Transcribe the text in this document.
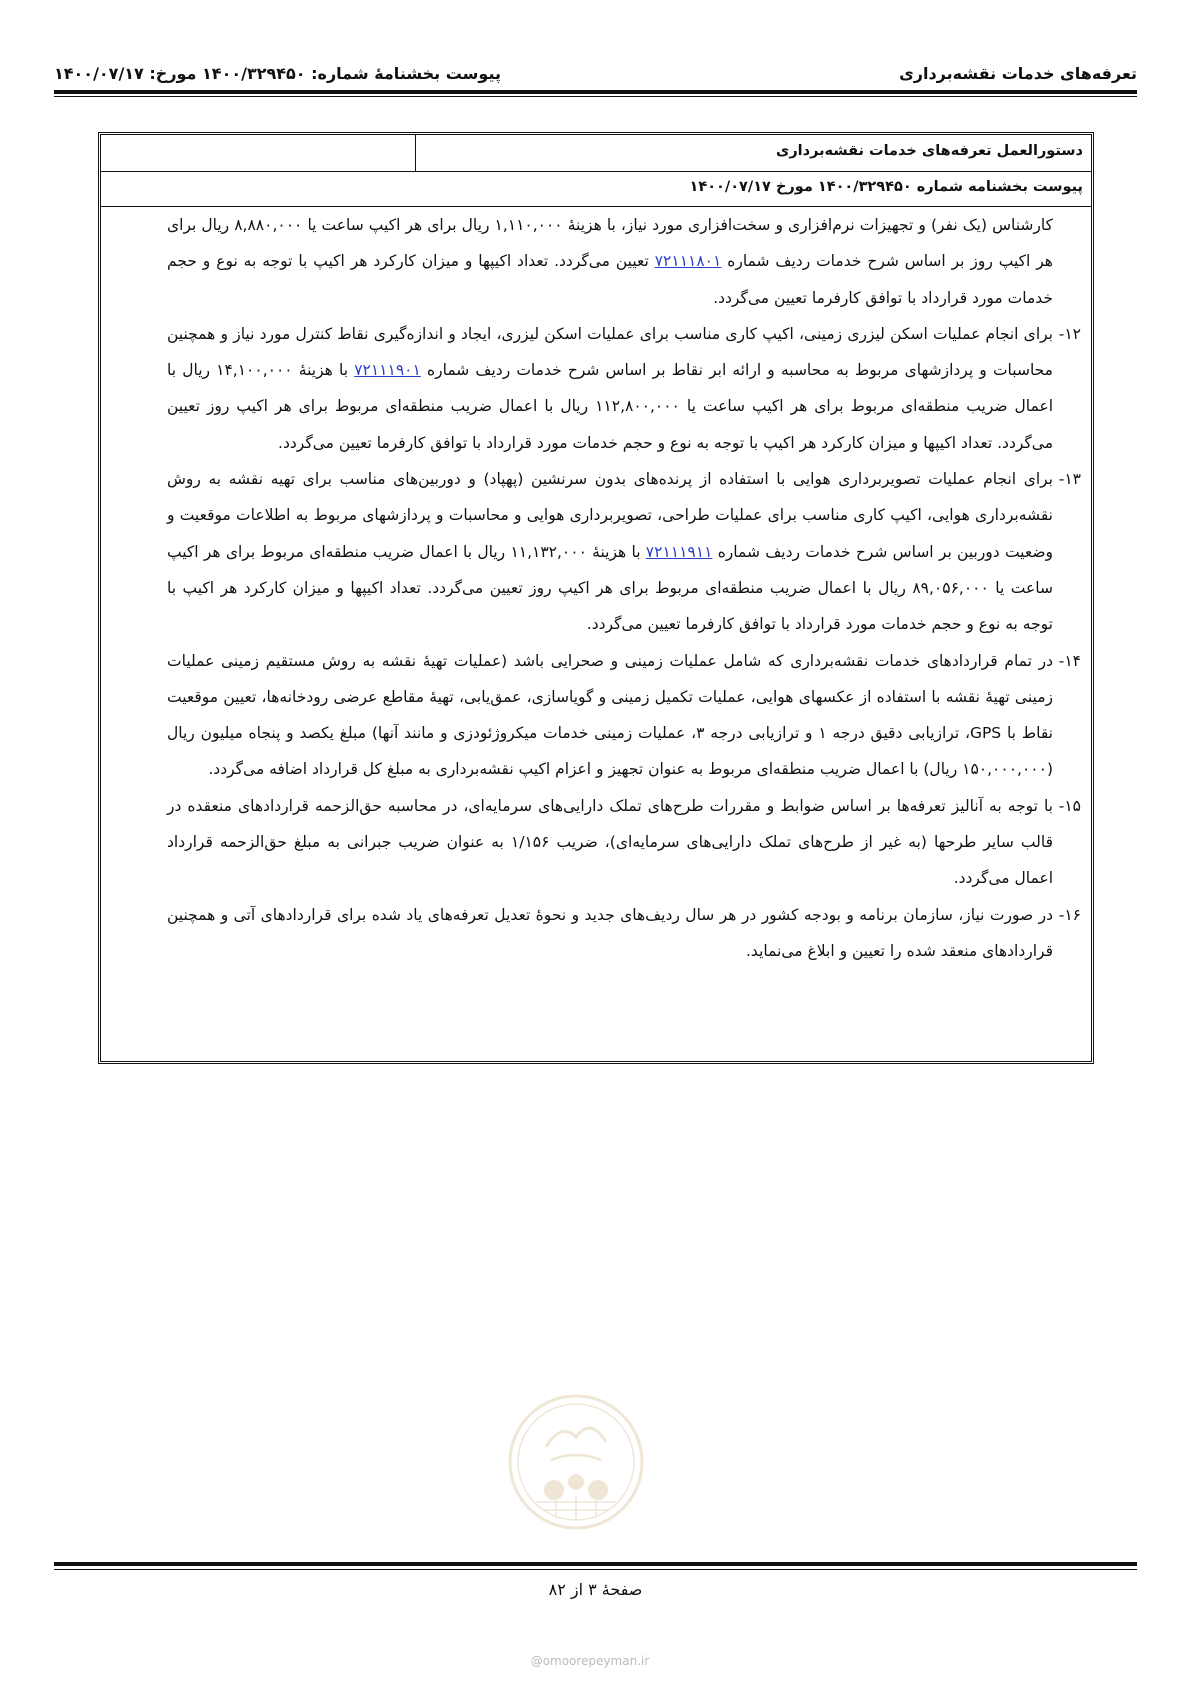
تعرفه‌های خدمات نقشه‌برداری
پیوست بخشنامهٔ شماره: ۱۴۰۰/۳۲۹۴۵۰ مورخ: ۱۴۰۰/۰۷/۱۷
دستورالعمل تعرفه‌های خدمات نقشه‌برداری
پیوست بخشنامه شماره ۱۴۰۰/۳۲۹۴۵۰ مورخ ۱۴۰۰/۰۷/۱۷

کارشناس (یک نفر) و تجهیزات نرم‌افزاری و سخت‌افزاری مورد نیاز، با هزینهٔ ۱,۱۱۰,۰۰۰ ریال برای هر اکیپ ساعت یا ۸,۸۸۰,۰۰۰ ریال برای هر اکیپ روز بر اساس شرح خدمات ردیف شماره ۷۲۱۱۱۸۰۱ تعیین می‌گردد. تعداد اکیپها و میزان کارکرد هر اکیپ با توجه به نوع و حجم خدمات مورد قرارداد با توافق کارفرما تعیین می‌گردد.

۱۲-

برای انجام عملیات اسکن لیزری زمینی، اکیپ کاری مناسب برای عملیات اسکن لیزری، ایجاد و اندازه‌گیری نقاط کنترل مورد نیاز و همچنین محاسبات و پردازشهای مربوط به محاسبه و ارائه ابر نقاط بر اساس شرح خدمات ردیف شماره ۷۲۱۱۱۹۰۱ با هزینهٔ ۱۴,۱۰۰,۰۰۰ ریال با اعمال ضریب منطقه‌ای مربوط برای هر اکیپ ساعت یا ۱۱۲,۸۰۰,۰۰۰ ریال با اعمال ضریب منطقه‌ای مربوط برای هر اکیپ روز تعیین می‌گردد. تعداد اکیپها و میزان کارکرد هر اکیپ با توجه به نوع و حجم خدمات مورد قرارداد با توافق کارفرما تعیین می‌گردد.

۱۳-

برای انجام عملیات تصویربرداری هوایی با استفاده از پرنده‌های بدون سرنشین (پهپاد) و دوربین‌های مناسب برای تهیه نقشه به روش نقشه‌برداری هوایی، اکیپ کاری مناسب برای عملیات طراحی، تصویربرداری هوایی و محاسبات و پردازشهای مربوط به اطلاعات موقعیت و وضعیت دوربین بر اساس شرح خدمات ردیف شماره ۷۲۱۱۱۹۱۱ با هزینهٔ ۱۱,۱۳۲,۰۰۰ ریال با اعمال ضریب منطقه‌ای مربوط برای هر اکیپ ساعت یا ۸۹,۰۵۶,۰۰۰ ریال با اعمال ضریب منطقه‌ای مربوط برای هر اکیپ روز تعیین می‌گردد. تعداد اکیپها و میزان کارکرد هر اکیپ با توجه به نوع و حجم خدمات مورد قرارداد با توافق کارفرما تعیین می‌گردد.

۱۴-

در تمام قراردادهای خدمات نقشه‌برداری که شامل عملیات زمینی و صحرایی باشد (عملیات تهیهٔ نقشه به روش مستقیم زمینی عملیات زمینی تهیهٔ نقشه با استفاده از عکسهای هوایی، عملیات تکمیل زمینی و گویاسازی، عمق‌یابی، تهیهٔ مقاطع عرضی رودخانه‌ها، تعیین موقعیت نقاط با GPS، ترازیابی دقیق درجه ۱ و ترازیابی درجه ۳، عملیات زمینی خدمات میکروژئودزی و مانند آنها) مبلغ یکصد و پنجاه میلیون ریال (۱۵۰,۰۰۰,۰۰۰ ریال) با اعمال ضریب منطقه‌ای مربوط به عنوان تجهیز و اعزام اکیپ نقشه‌برداری به مبلغ کل قرارداد اضافه می‌گردد.

۱۵-

با توجه به آنالیز تعرفه‌ها بر اساس ضوابط و مقررات طرح‌های تملک دارایی‌های سرمایه‌ای، در محاسبه حق‌الزحمه قراردادهای منعقده در قالب سایر طرحها (به غیر از طرح‌های تملک دارایی‌های سرمایه‌ای)، ضریب ۱/۱۵۶ به عنوان ضریب جبرانی به مبلغ حق‌الزحمه قرارداد اعمال می‌گردد.

۱۶-

در صورت نیاز، سازمان برنامه و بودجه کشور در هر سال ردیف‌های جدید و نحوهٔ تعدیل تعرفه‌های یاد شده برای قراردادهای آتی و همچنین قراردادهای منعقد شده را تعیین و ابلاغ می‌نماید.

صفحهٔ ۳ از ۸۲
@omoorepeyman.ir
